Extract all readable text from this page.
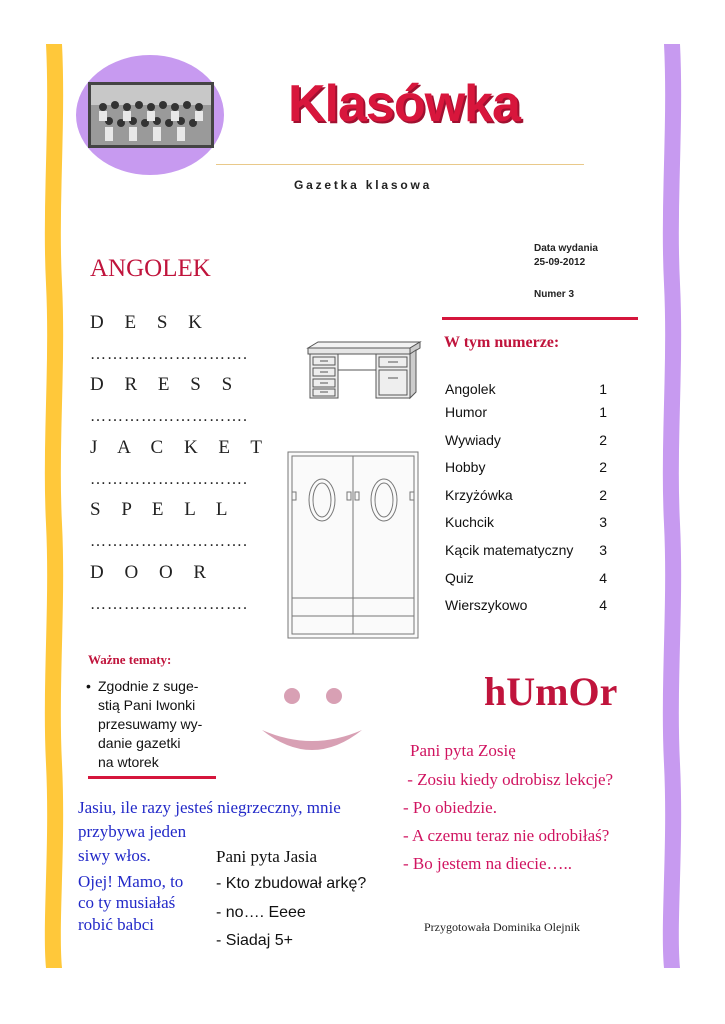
Klasówka
Gazetka klasowa
Data wydania
25-09-2012
Numer 3
ANGOLEK
D E S K
……………………….
D R E S S
……………………….
J A C K E T
……………………….
S P E L L
……………………….
D O O R
……………………….
W tym numerze:
Angolek	1
Humor	1
Wywiady	2
Hobby	2
Krzyżówka	2
Kuchcik	3
Kącik matematyczny 3
Quiz	4
Wierszykowo	4
Ważne tematy:
• Zgodnie z suge-
stią Pani Iwonki
przesuwamy wy-
danie gazetki
na wtorek
hUmOr
Jasiu, ile razy jesteś niegrzeczny, mnie
przybywa jeden
siwy włos.
Ojej! Mamo, to
co ty musiałaś
robić babci
Pani pyta Jasia
- Kto zbudował arkę?
- no…. Eeee
- Siadaj 5+
Pani pyta Zosię
- Zosiu kiedy odrobisz lekcje?
- Po obiedzie.
- A czemu teraz nie odrobiłaś?
- Bo jestem na diecie…..
Przygotowała Dominika Olejnik
